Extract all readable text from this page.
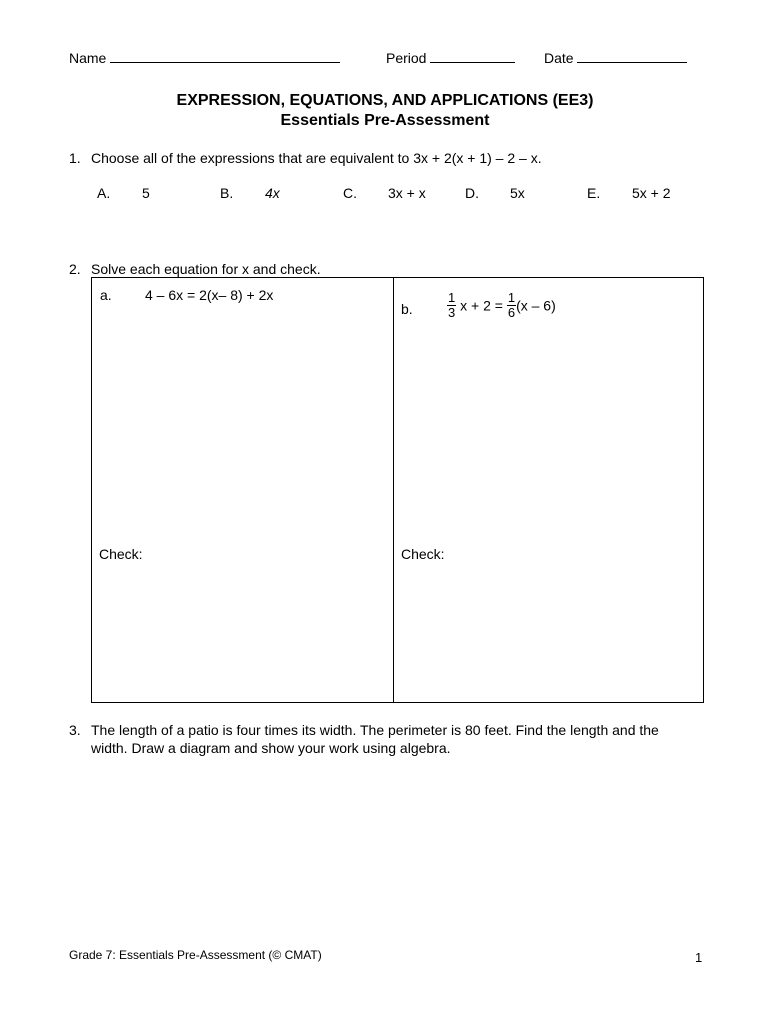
Name	Period	Date
EXPRESSION, EQUATIONS, AND APPLICATIONS (EE3)
Essentials Pre-Assessment
1. Choose all of the expressions that are equivalent to 3x + 2(x + 1) – 2 – x.
A. 5	B. 4x	C. 3x + x	D. 5x	E. 5x + 2
2. Solve each equation for x and check.
a. 4 – 6x = 2(x– 8) + 2x
b.	$\frac{1}{3}$ $x + 2 = \frac{1}{6} (x - 6)$
Check:	Check:
3. The length of a patio is four times its width. The perimeter is 80 feet. Find the length and the
width. Draw a diagram and show your work using algebra.
Grade 7: Essentials Pre-Assessment (© CMAT)	1
